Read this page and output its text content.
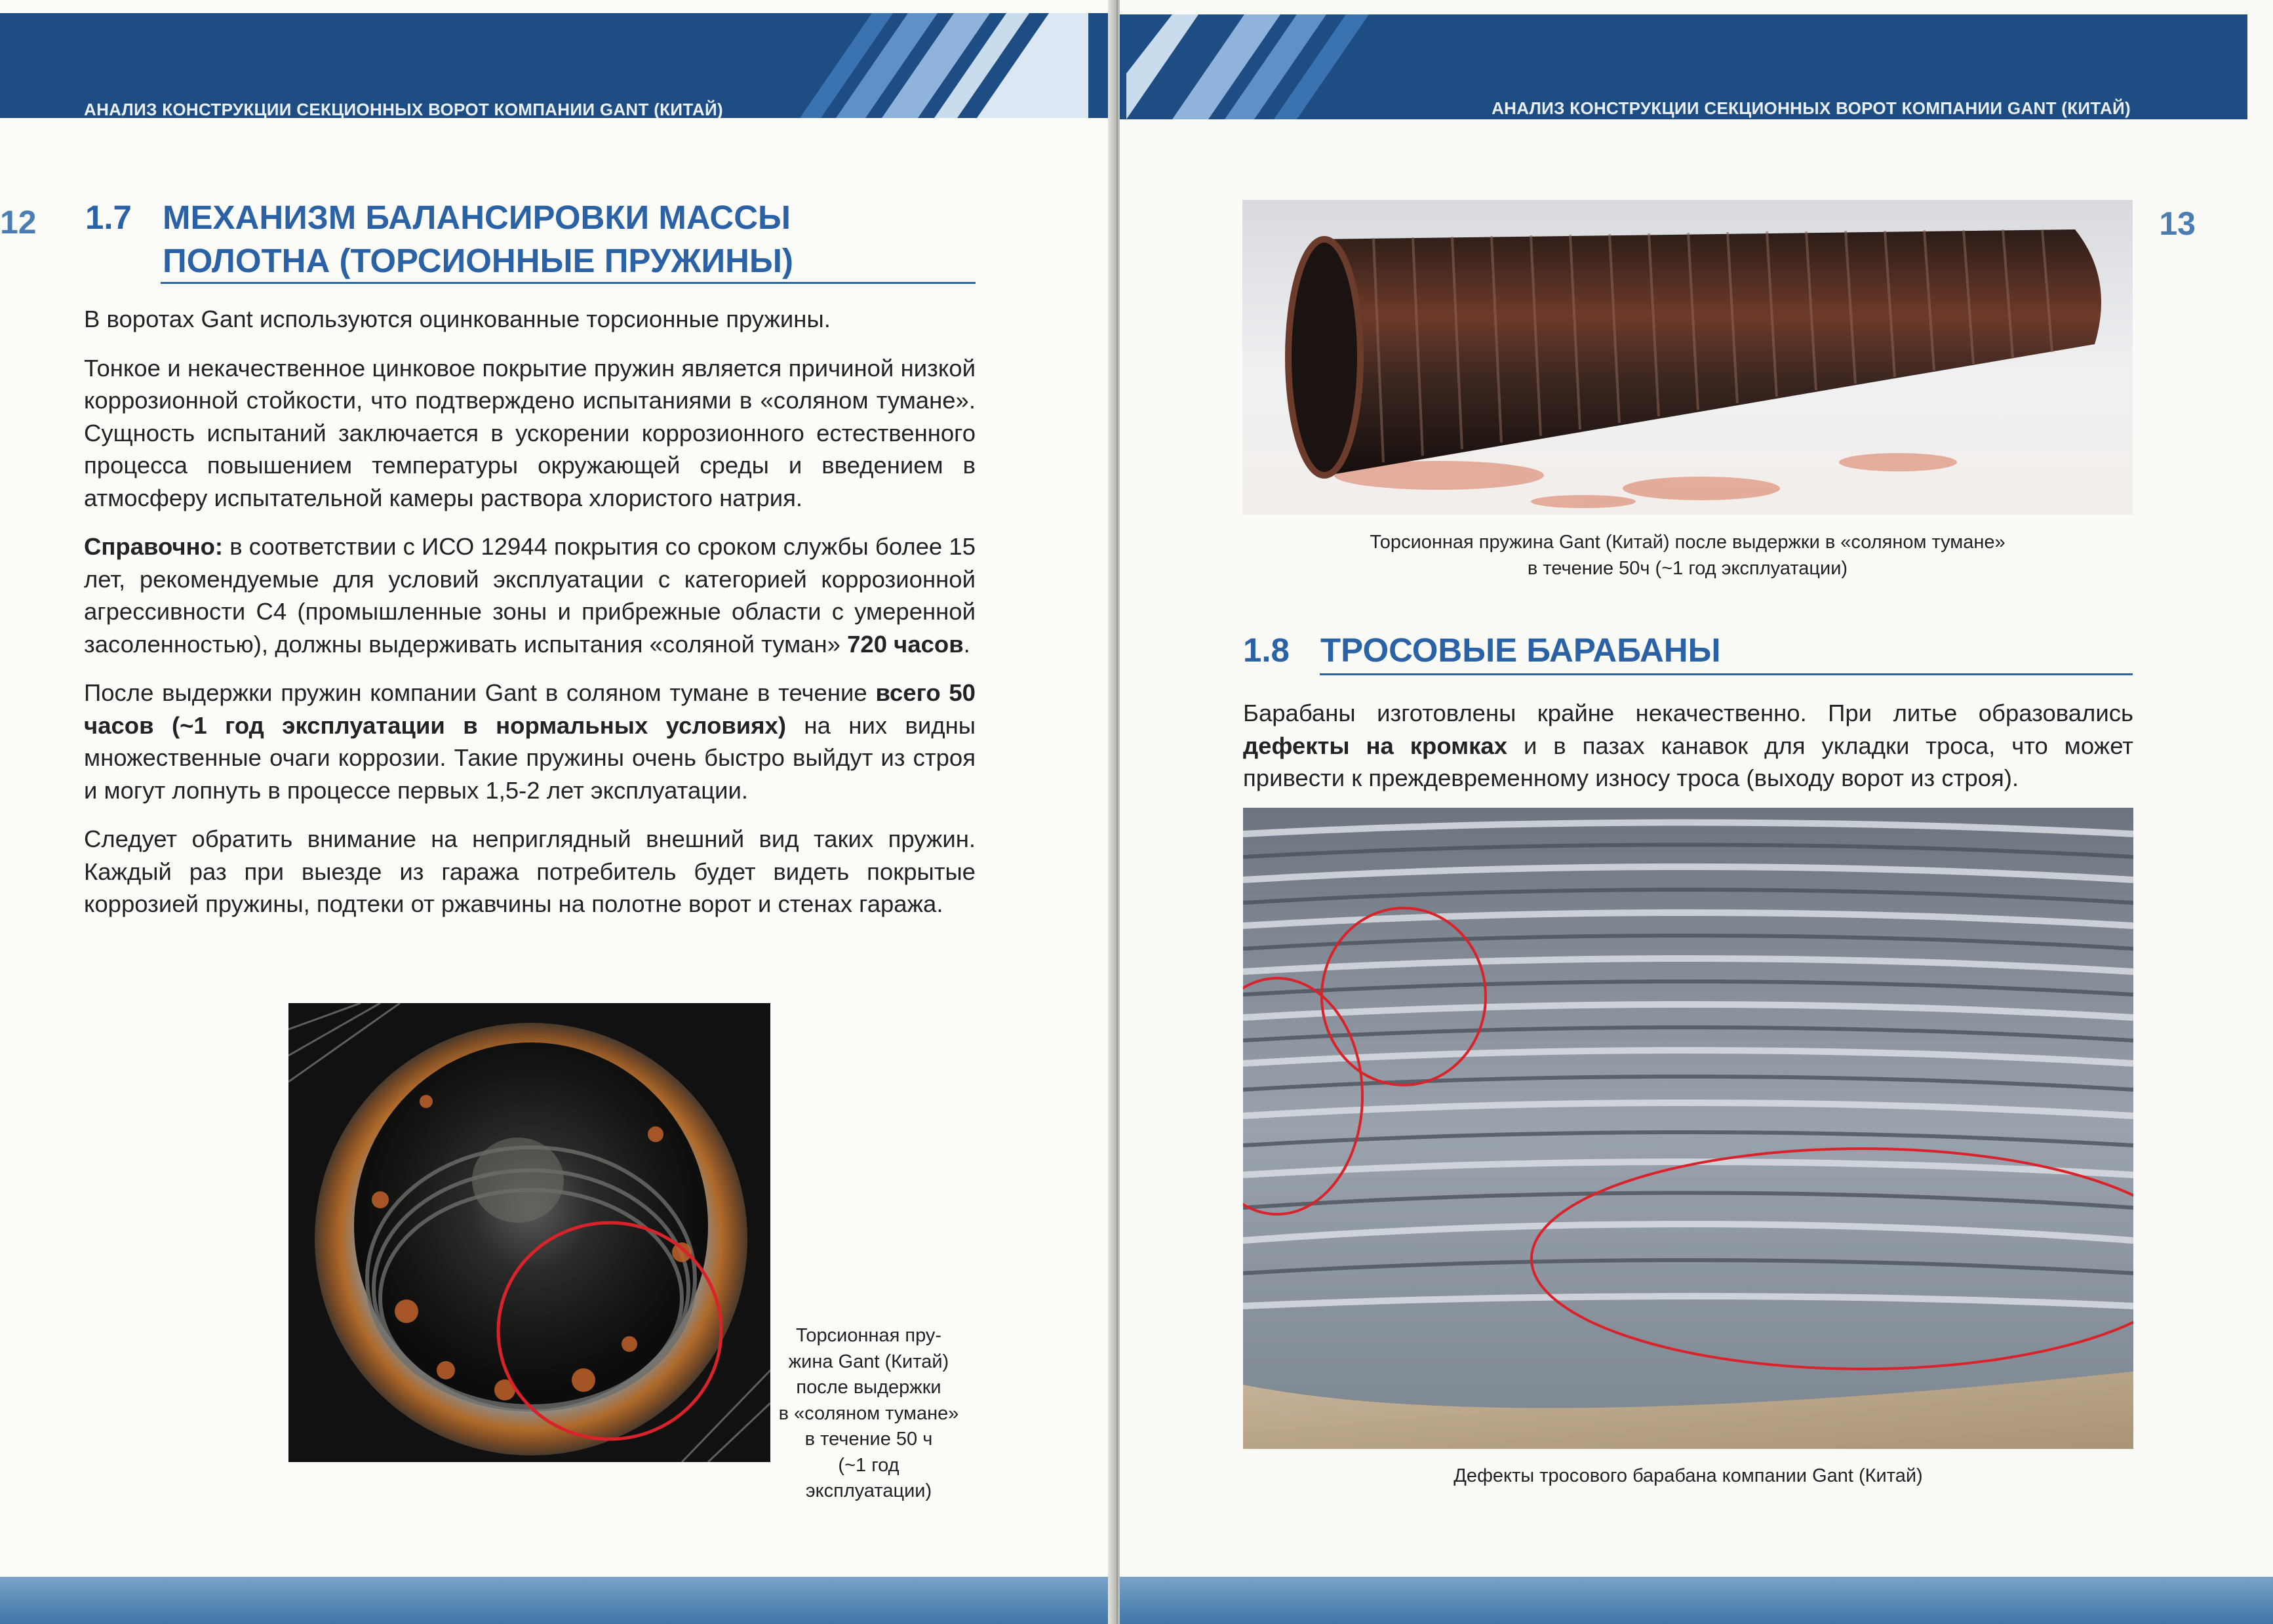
АНАЛИЗ КОНСТРУКЦИИ СЕКЦИОННЫХ ВОРОТ КОМПАНИИ GANT (КИТАЙ)
12 1.7 МЕХАНИЗМ БАЛАНСИРОВКИ МАССЫ
ПОЛОТНА (ТОРСИОННЫЕ ПРУЖИНЫ)

В воротах Gant используются оцинкованные торсионные пружины.

Тонкое и некачественное цинковое покрытие пружин является причиной низкой коррозионной стойкости, что подтверждено испытаниями в «соляном тумане». Сущность испытаний заключается в ускорении коррозионного естественного процесса повышением температуры окружающей среды и введением в атмосферу испытательной камеры раствора хлористого натрия.

Справочно: в соответствии с ИСО 12944 покрытия со сроком службы более 15 лет, рекомендуемые для условий эксплуатации с категорией коррозионной агрессивности С4 (промышленные зоны и прибрежные области с умеренной засоленностью), должны выдерживать испытания «соляной туман» 720 часов.

После выдержки пружин компании Gant в соляном тумане в течение всего 50 часов (~1 год эксплуатации в нормальных условиях) на них видны множественные очаги коррозии. Такие пружины очень быстро выйдут из строя и могут лопнуть в процессе первых 1,5-2 лет эксплуатации.

Следует обратить внимание на неприглядный внешний вид таких пружин. Каждый раз при выезде из гаража потребитель будет видеть покрытые коррозией пружины, подтеки от ржавчины на полотне ворот и стенах гаража.

Торсионная пру-
жина Gant (Китай)
после выдержки
в «соляном тумане»
в течение 50 ч
(~1 год
эксплуатации)
АНАЛИЗ КОНСТРУКЦИИ СЕКЦИОННЫХ ВОРОТ КОМПАНИИ GANT (КИТАЙ)
13
Торсионная пружина Gant (Китай) после выдержки в «соляном тумане»
в течение 50ч (~1 год эксплуатации)
1.8 ТРОСОВЫЕ БАРАБАНЫ

Барабаны изготовлены крайне некачественно. При литье образовались дефекты на кромках и в пазах канавок для укладки троса, что может привести к преждевременному износу троса (выходу ворот из строя).

Дефекты тросового барабана компании Gant (Китай)
